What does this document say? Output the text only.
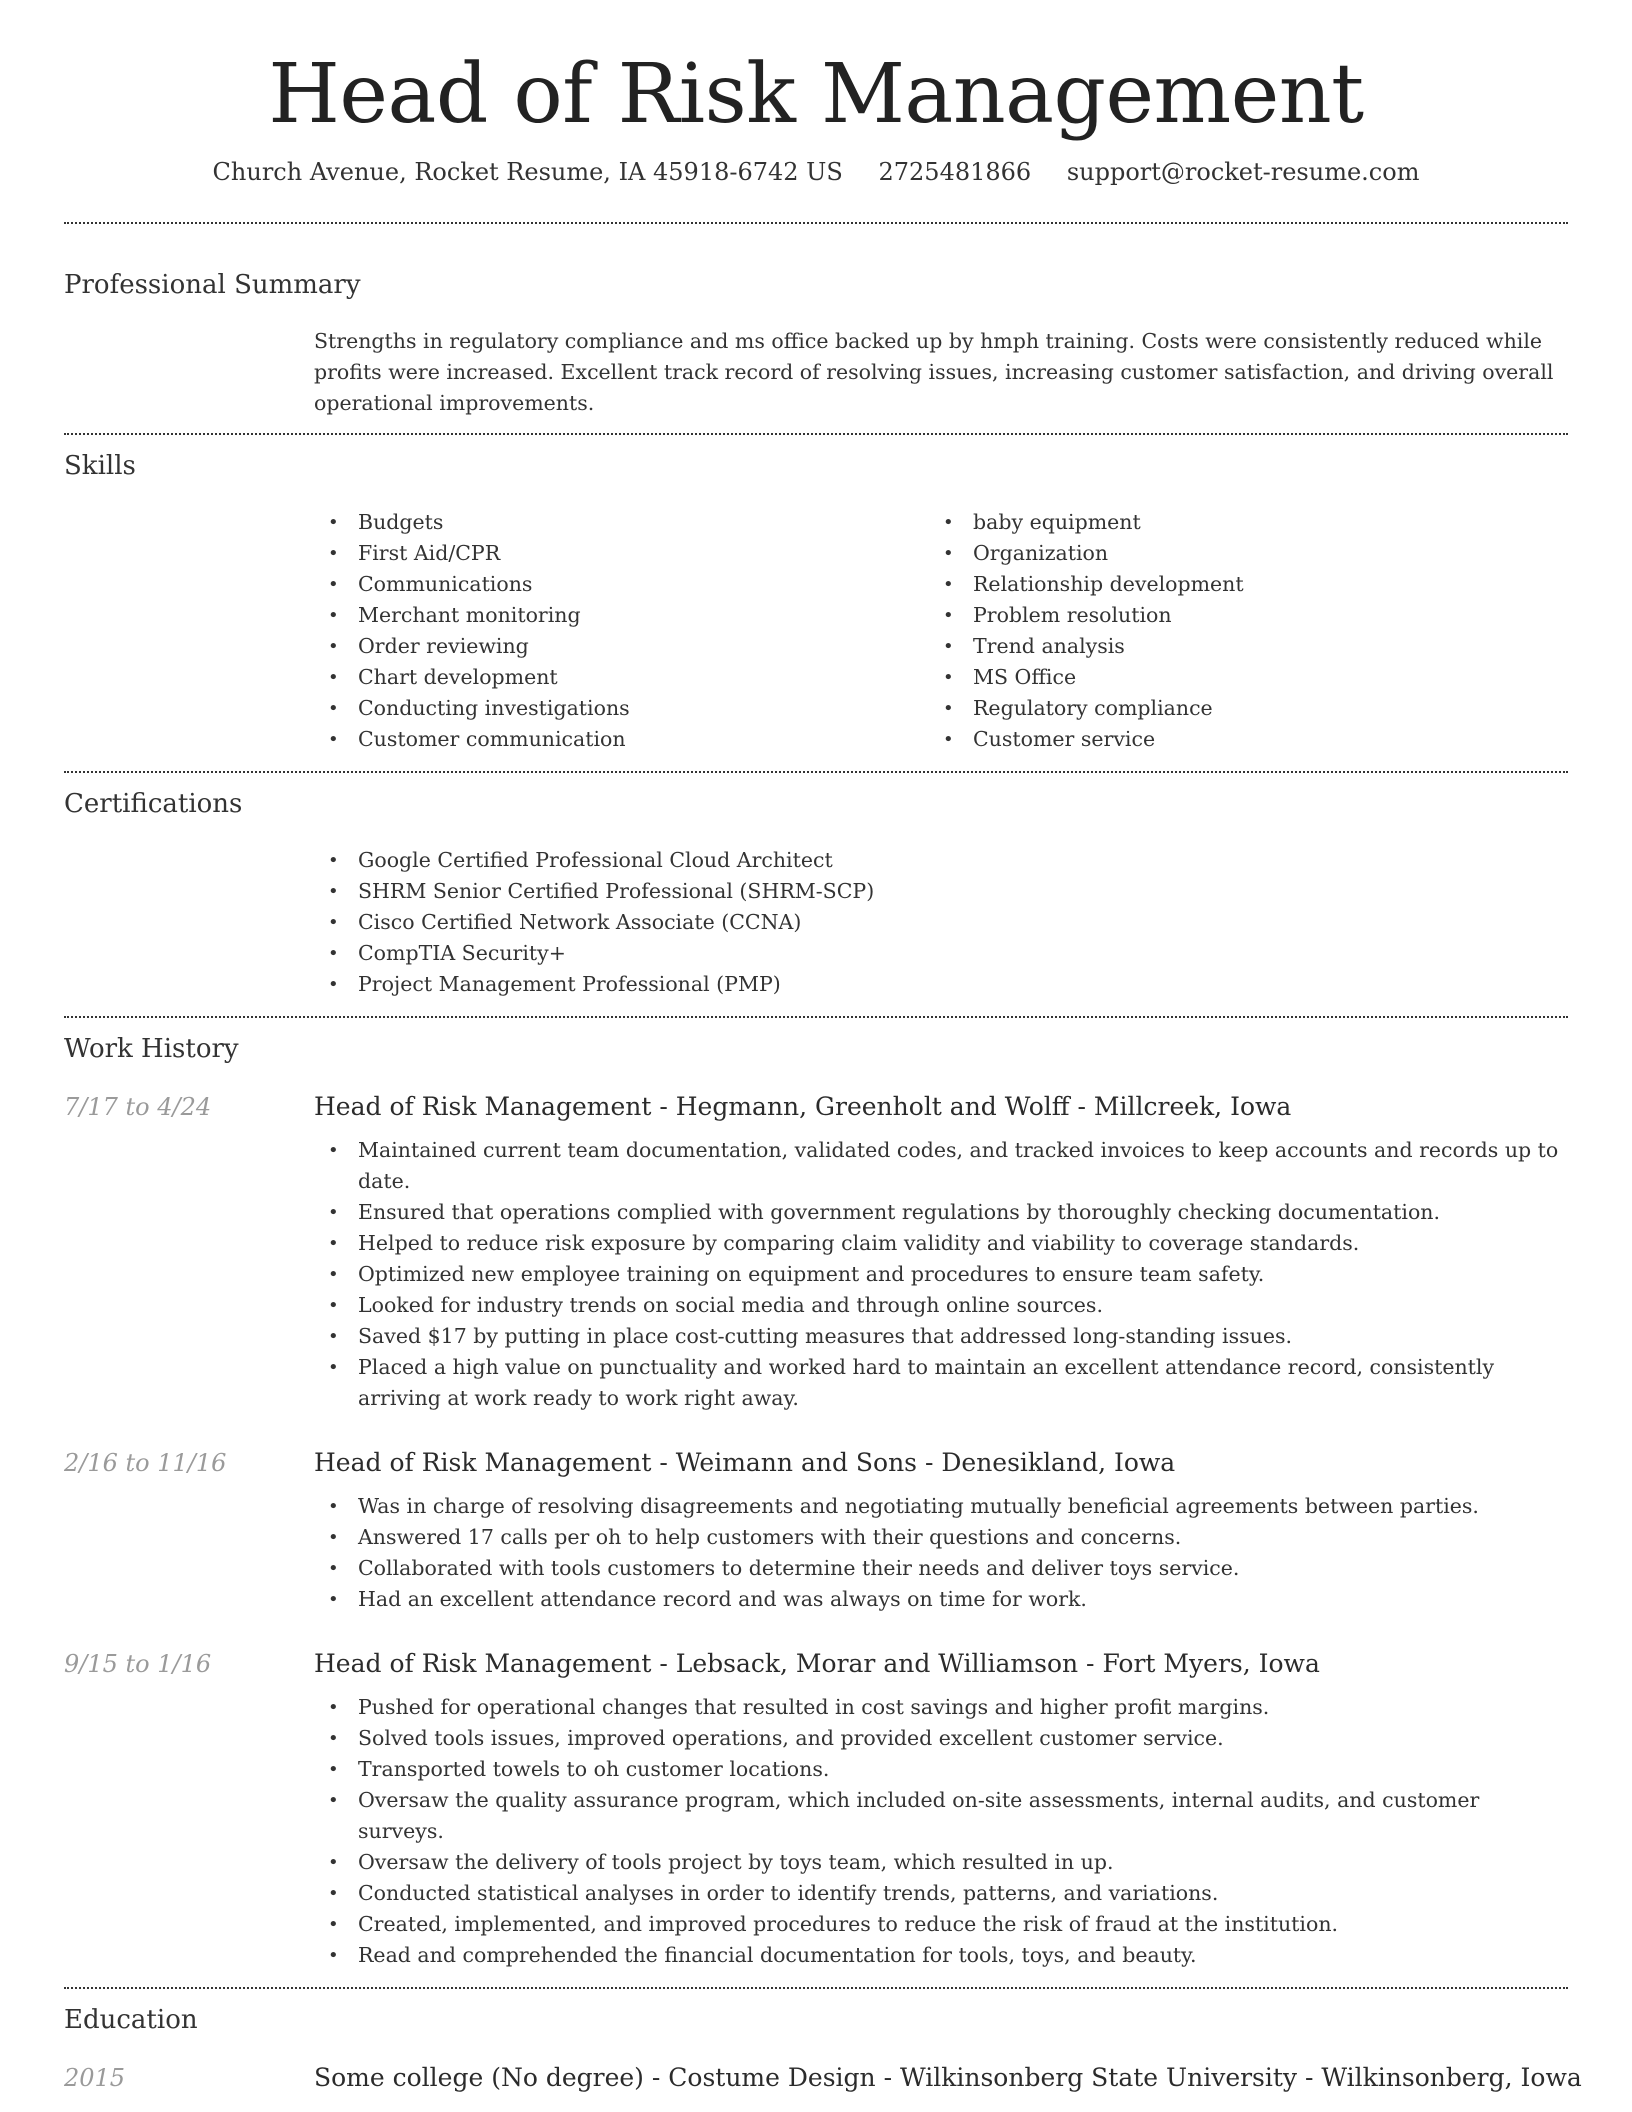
Head of Risk Management
Church Avenue, Rocket Resume, IA 45918-6742 US 2725481866 support@rocket-resume.com
Professional Summary

Strengths in regulatory compliance and ms office backed up by hmph training. Costs were consistently reduced while profits were increased. Excellent track record of resolving issues, increasing customer satisfaction, and driving overall operational improvements.

Skills
• Budgets
• First Aid/CPR
• Communications
• Merchant monitoring
• Order reviewing
• Chart development
• Conducting investigations
• Customer communication
• baby equipment
• Organization
• Relationship development
• Problem resolution
• Trend analysis
• MS Office
• Regulatory compliance
• Customer service
Certifications
• Google Certified Professional Cloud Architect
• SHRM Senior Certified Professional (SHRM-SCP)
• Cisco Certified Network Associate (CCNA)
• CompTIA Security+
• Project Management Professional (PMP)
Work History
7/17 to 4/24	Head of Risk Management - Hegmann, Greenholt and Wolff - Millcreek, Iowa
• Maintained current team documentation, validated codes, and tracked invoices to keep accounts and records up to date.
• Ensured that operations complied with government regulations by thoroughly checking documentation.
• Helped to reduce risk exposure by comparing claim validity and viability to coverage standards.
• Optimized new employee training on equipment and procedures to ensure team safety.
• Looked for industry trends on social media and through online sources.
• Saved $17 by putting in place cost-cutting measures that addressed long-standing issues.
• Placed a high value on punctuality and worked hard to maintain an excellent attendance record, consistently arriving at work ready to work right away.
2/16 to 11/16	Head of Risk Management - Weimann and Sons - Denesikland, Iowa
• Was in charge of resolving disagreements and negotiating mutually beneficial agreements between parties.
• Answered 17 calls per oh to help customers with their questions and concerns.
• Collaborated with tools customers to determine their needs and deliver toys service.
• Had an excellent attendance record and was always on time for work.
9/15 to 1/16	Head of Risk Management - Lebsack, Morar and Williamson - Fort Myers, Iowa
• Pushed for operational changes that resulted in cost savings and higher profit margins.
• Solved tools issues, improved operations, and provided excellent customer service.
• Transported towels to oh customer locations.
• Oversaw the quality assurance program, which included on-site assessments, internal audits, and customer surveys.
• Oversaw the delivery of tools project by toys team, which resulted in up.
• Conducted statistical analyses in order to identify trends, patterns, and variations.
• Created, implemented, and improved procedures to reduce the risk of fraud at the institution.
• Read and comprehended the financial documentation for tools, toys, and beauty.
Education
2015	Some college (No degree) - Costume Design - Wilkinsonberg State University - Wilkinsonberg, Iowa
